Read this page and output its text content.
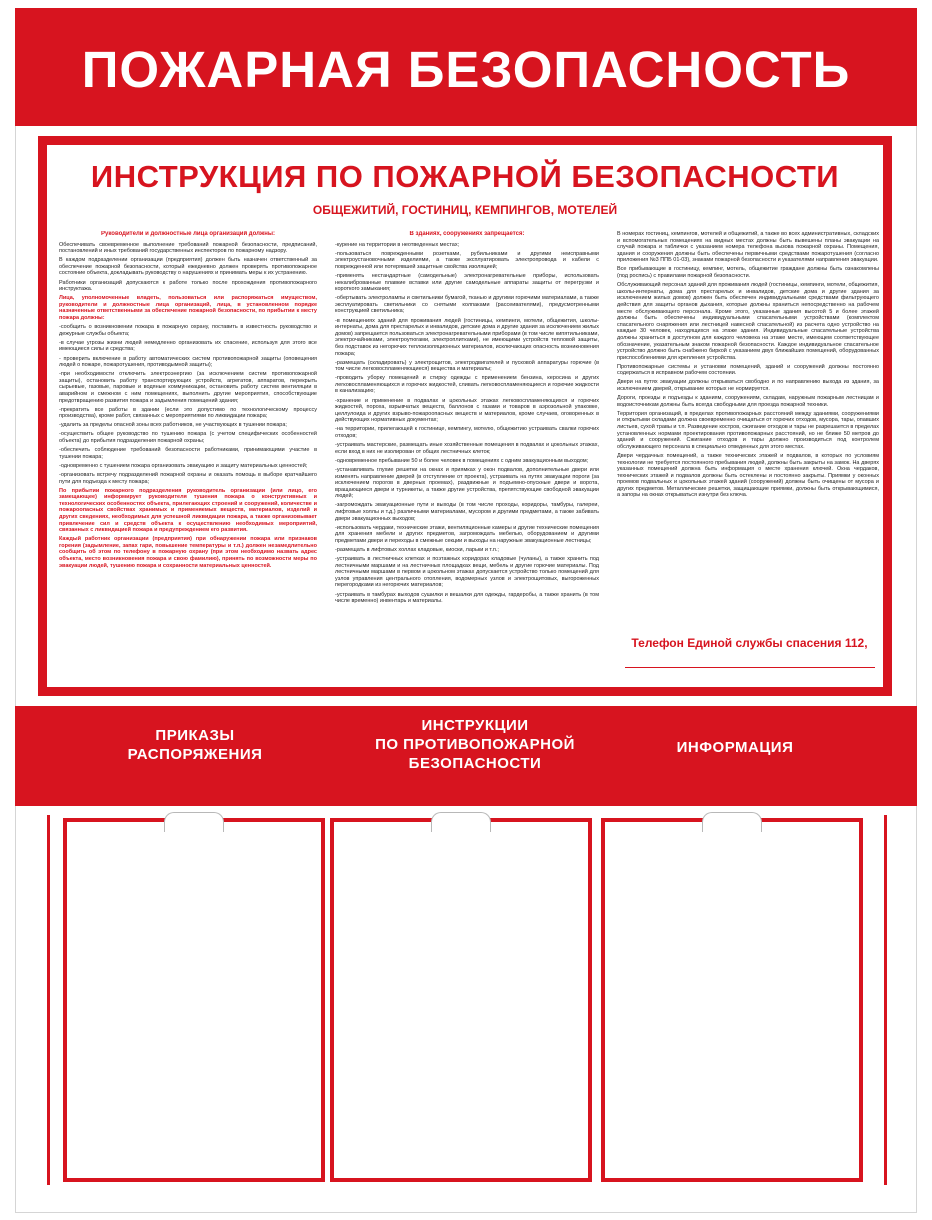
ПОЖАРНАЯ БЕЗОПАСНОСТЬ
ИНСТРУКЦИЯ ПО ПОЖАРНОЙ БЕЗОПАСНОСТИ
ОБЩЕЖИТИЙ, ГОСТИНИЦ, КЕМПИНГОВ, МОТЕЛЕЙ

Руководители и должностные лица организаций должны:

Обеспечивать своевременное выполнение требований пожарной безопасности, предписаний, постановлений и иных требований государственных инспекторов по пожарному надзору.

В каждом подразделении организации (предприятия) должен быть назначен ответственный за обеспечение пожарной безопасности, который ежедневно должен проверять противопожарное состояние объекта, докладывать руководству о нарушениях и принимать меры к их устранению.

Работники организаций допускаются к работе только после прохождения противопожарного инструктажа.

Лица, уполномоченные владеть, пользоваться или распоряжаться имуществом, руководители и должностные лица организаций, лица, в установленном порядке назначенные ответственными за обеспечение пожарной безопасности, по прибытии к месту пожара должны:

-сообщить о возникновении пожара в пожарную охрану, поставить в известность руководство и дежурные службы объекта;

-в случае угрозы жизни людей немедленно организовать их спасение, используя для этого все имеющиеся силы и средства;

- проверить включение в работу автоматических систем противопожарной защиты (оповещения людей о пожаре, пожаротушения, противодымной защиты);

-при необходимости отключить электроэнергию (за исключением систем противопожарной защиты), остановить работу транспортирующих устройств, агрегатов, аппаратов, перекрыть сырьевые, газовые, паровые и водяные коммуникации, остановить работу систем вентиляции в аварийном и смежном с ним помещениях, выполнить другие мероприятия, способствующие предотвращению развития пожара и задымления помещений здания;

-прекратить все работы в здании (если это допустимо по технологическому процессу производства), кроме работ, связанных с мероприятиями по ликвидации пожара;

-удалить за пределы опасной зоны всех работников, не участвующих в тушении пожара;

-осуществить общее руководство по тушению пожара (с учетом специфических особенностей объекта) до прибытия подразделения пожарной охраны;

-обеспечить соблюдение требований безопасности работниками, принимающими участие в тушении пожара;

-одновременно с тушением пожара организовать эвакуацию и защиту материальных ценностей;

-организовать встречу подразделений пожарной охраны и оказать помощь в выборе кратчайшего пути для подъезда к месту пожара;

По прибытии пожарного подразделения руководитель организации (или лицо, его замещающее) информирует руководителя тушения пожара о конструктивных и технологических особенностях объекта, прилегающих строений и сооружений, количестве и пожароопасных свойствах хранимых и применяемых веществ, материалов, изделий и других сведениях, необходимых для успешной ликвидации пожара, а также организовывает привлечение сил и средств объекта к осуществлению необходимых мероприятий, связанных с ликвидацией пожара и предупреждением его развития.

Каждый работник организации (предприятия) при обнаружении пожара или признаков горения (задымление, запах гари, повышение температуры и т.п.) должен незамедлительно сообщить об этом по телефону в пожарную охрану (при этом необходимо назвать адрес объекта, место возникновения пожара и свою фамилию), принять по возможности меры по эвакуации людей, тушению пожара и сохранности материальных ценностей.

В зданиях, сооружениях запрещается:

-курение на территории в неотведенных местах;

-пользоваться поврежденными розетками, рубильниками и другими неисправными электроустановочными изделиями, а также эксплуатировать электропровода и кабели с поврежденной или потерявшей защитные свойства изоляцией;

-применять нестандартные (самодельные) электронагревательные приборы, использовать некалиброванные плавкие вставки или другие самодельные аппараты защиты от перегрузки и короткого замыкания;

-обертывать электролампы и светильники бумагой, тканью и другими горючими материалами, а также эксплуатировать светильники со снятыми колпаками (рассеивателями), предусмотренными конструкцией светильника;

-в помещениях зданий для проживания людей (гостиницы, кемпинги, мотели, общежития, школы-интернаты, дома для престарелых и инвалидов, детские дома и другие здания за исключением жилых домов) запрещается пользоваться электронагревательными приборами (в том числе кипятильниками, электрочайниками, электроутюгами, электроплитками), не имеющими устройств тепловой защиты, без подставок из негорючих теплоизоляционных материалов, исключающих опасность возникновения пожара;

-размещать (складировать) у электрощитов, электродвигателей и пусковой аппаратуры горючие (в том числе легковоспламеняющиеся) вещества и материалы;

-проводить уборку помещений и стирку одежды с применением бензина, керосина и других легковоспламеняющихся и горючих жидкостей, сливать легковоспламеняющиеся и горючие жидкости в канализацию;

-хранение и применение в подвалах и цокольных этажах легковоспламеняющихся и горючих жидкостей, пороха, взрывчатых веществ, баллонов с газами и товаров в аэрозольной упаковке, целлулоида и других взрыво-пожароопасных веществ и материалов, кроме случаев, оговоренных в действующих нормативных документах;

-на территории, прилегающей к гостинице, кемпингу, мотелю, общежитию устраивать свалки горючих отходов;

-устраивать мастерские, размещать иные хозяйственные помещения в подвалах и цокольных этажах, если вход в них не изолирован от общих лестничных клеток;

-одновременное пребывание 50 и более человек в помещениях с одним эвакуационным выходом;

-устанавливать глухие решетки на окнах и приямках у окон подвалов, дополнительные двери или изменять направление дверей (в отступление от проекта), устраивать на путях эвакуации пороги (за исключением порогов в дверных проемах), раздвижные и подъемно-опускные двери и ворота, вращающиеся двери и турникеты, а также другие устройства, препятствующие свободной эвакуации людей;

-загромождать эвакуационные пути и выходы (в том числе проходы, коридоры, тамбуры, галереи, лифтовые холлы и т.д.) различными материалами, мусором и другими предметами, а также забивать двери эвакуационных выходов;

-использовать чердаки, технические этажи, вентиляционные камеры и другие технические помещения для хранения мебели и других предметов, загромождать мебелью, оборудованием и другими предметами двери и переходы в смежные секции и выходы на наружные эвакуационные лестницы;

-размещать в лифтовых холлах кладовые, киоски, ларьки и т.п.;

-устраивать в лестничных клетках и поэтажных коридорах кладовые (чуланы), а также хранить под лестничными маршами и на лестничных площадках вещи, мебель и другие горючие материалы. Под лестничными маршами в первом и цокольном этажах допускается устройство только помещений для узлов управления центрального отопления, водомерных узлов и электрощитовых, выгороженных перегородками из негорючих материалов;

-устраивать в тамбурах выходов сушилки и вешалки для одежды, гардеробы, а также хранить (в том числе временно) инвентарь и материалы.

В номерах гостиниц, кемпингов, мотелей и общежитий, а также во всех административных, складских и вспомогательных помещениях на видных местах должны быть вывешены планы эвакуации на случай пожара и таблички с указанием номера телефона вызова пожарной охраны. Помещения, здания и сооружения должны быть обеспечены первичными средствами пожаротушения (согласно приложения №3 ППБ 01-03), знаками пожарной безопасности и указателями направления эвакуации.

Все прибывающие в гостиницу, кемпинг, мотель, общежитие граждане должны быть ознакомлены (под роспись) с правилами пожарной безопасности.

Обслуживающий персонал зданий для проживания людей (гостиницы, кемпинги, мотели, общежития, школы-интернаты, дома для престарелых и инвалидов, детские дома и другие здания за исключением жилых домов) должен быть обеспечен индивидуальными средствами фильтрующего действия для защиты органов дыхания, которые должны храниться непосредственно на рабочем месте обслуживающего персонала. Кроме этого, указанные здания высотой 5 и более этажей должны быть обеспечены индивидуальными спасательными устройствами (комплектом спасательного снаряжения или лестницей навесной спасательной) из расчета одно устройство на каждые 30 человек, находящихся на этаже здания. Индивидуальные спасательные устройства должны храниться в доступном для каждого человека на этаже месте, имеющем соответствующее обозначение, указательным знаком пожарной безопасности. Каждое индивидуальное спасательное устройство должно быть снабжено биркой с указанием двух ближайших помещений, оборудованных приспособлениями для крепления устройства.

Противопожарные системы и установки помещений, зданий и сооружений должны постоянно содержаться в исправном рабочем состоянии.

Двери на путях эвакуации должны открываться свободно и по направлению выхода из здания, за исключением дверей, открывание которых не нормируется.

Дороги, проезды и подъезды к зданиям, сооружениям, складам, наружным пожарным лестницам и водоисточникам должны быть всегда свободными для проезда пожарной техники.

Территория организаций, в пределах противопожарных расстояний между зданиями, сооружениями и открытыми складами должна своевременно очищаться от горючих отходов, мусора, тары, опавших листьев, сухой травы и т.п. Разведение костров, сжигание отходов и тары не разрешается в пределах установленных нормами проектирования противопожарных расстояний, но не ближе 50 метров до зданий и сооружений. Сжигание отходов и тары должно производиться под контролем обслуживающего персонала в специально отведенных для этого местах.

Двери чердачных помещений, а также технических этажей и подвалов, в которых по условиям технологии не требуется постоянного пребывания людей, должны быть закрыты на замок. На дверях указанных помещений должна быть информация о месте хранения ключей. Окна чердаков, технических этажей и подвалов должны быть остеклены и постоянно закрыты. Приямки у оконных проемов подвальных и цокольных этажей зданий (сооружений) должны быть очищены от мусора и других предметов. Металлические решетки, защищающие приямки, должны быть открывающимися, а запоры на окнах открываться изнутри без ключа.

Телефон Единой службы спасения 112,
ПРИКАЗЫ
РАСПОРЯЖЕНИЯ
ИНСТРУКЦИИ
ПО ПРОТИВОПОЖАРНОЙ
БЕЗОПАСНОСТИ
ИНФОРМАЦИЯ
